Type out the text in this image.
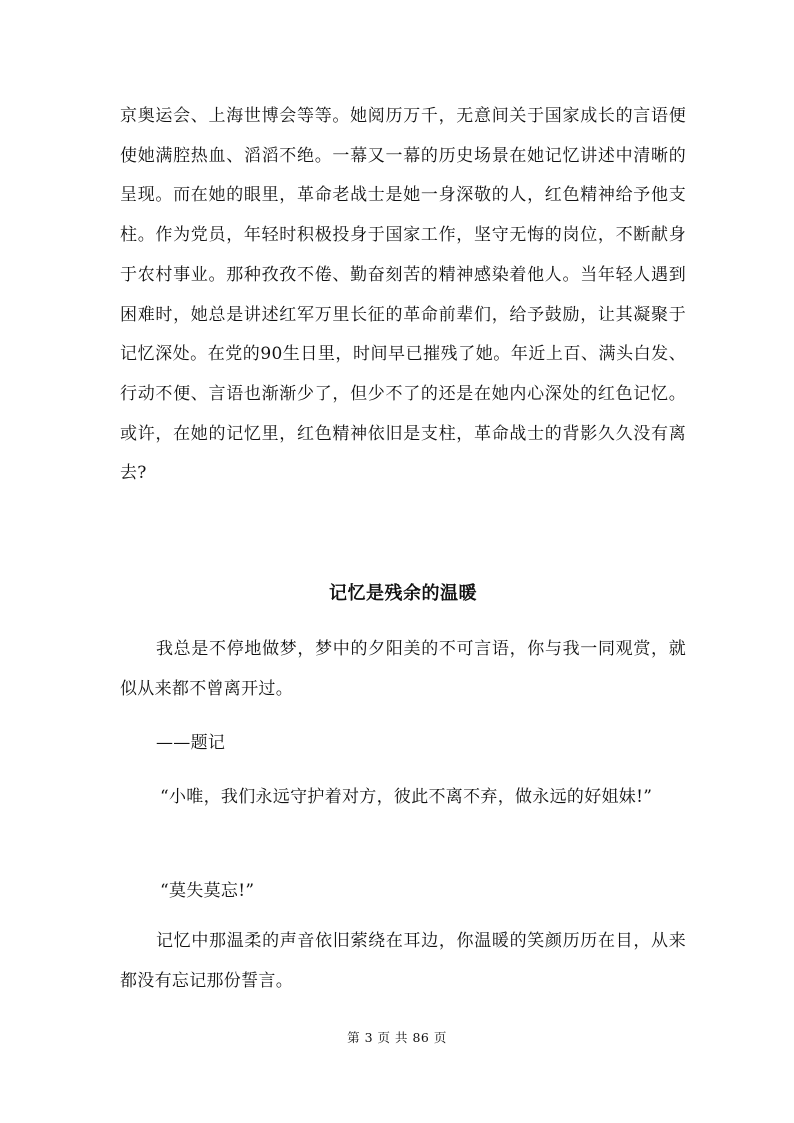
京奥运会、上海世博会等等。她阅历万千，无意间关于国家成长的言语便使她满腔热血、滔滔不绝。一幕又一幕的历史场景在她记忆讲述中清晰的呈现。而在她的眼里，革命老战士是她一身深敬的人，红色精神给予他支柱。作为党员，年轻时积极投身于国家工作，坚守无悔的岗位，不断献身于农村事业。那种孜孜不倦、勤奋刻苦的精神感染着他人。当年轻人遇到困难时，她总是讲述红军万里长征的革命前辈们，给予鼓励，让其凝聚于记忆深处。在党的90生日里，时间早已摧残了她。年近上百、满头白发、行动不便、言语也渐渐少了，但少不了的还是在她内心深处的红色记忆。或许，在她的记忆里，红色精神依旧是支柱，革命战士的背影久久没有离去?

记忆是残余的温暖

我总是不停地做梦，梦中的夕阳美的不可言语，你与我一同观赏，就似从来都不曾离开过。

——题记

“小唯，我们永远守护着对方，彼此不离不弃，做永远的好姐妹!”

“莫失莫忘!”

记忆中那温柔的声音依旧萦绕在耳边，你温暖的笑颜历历在目，从来都没有忘记那份誓言。

第 3 页 共 86 页
